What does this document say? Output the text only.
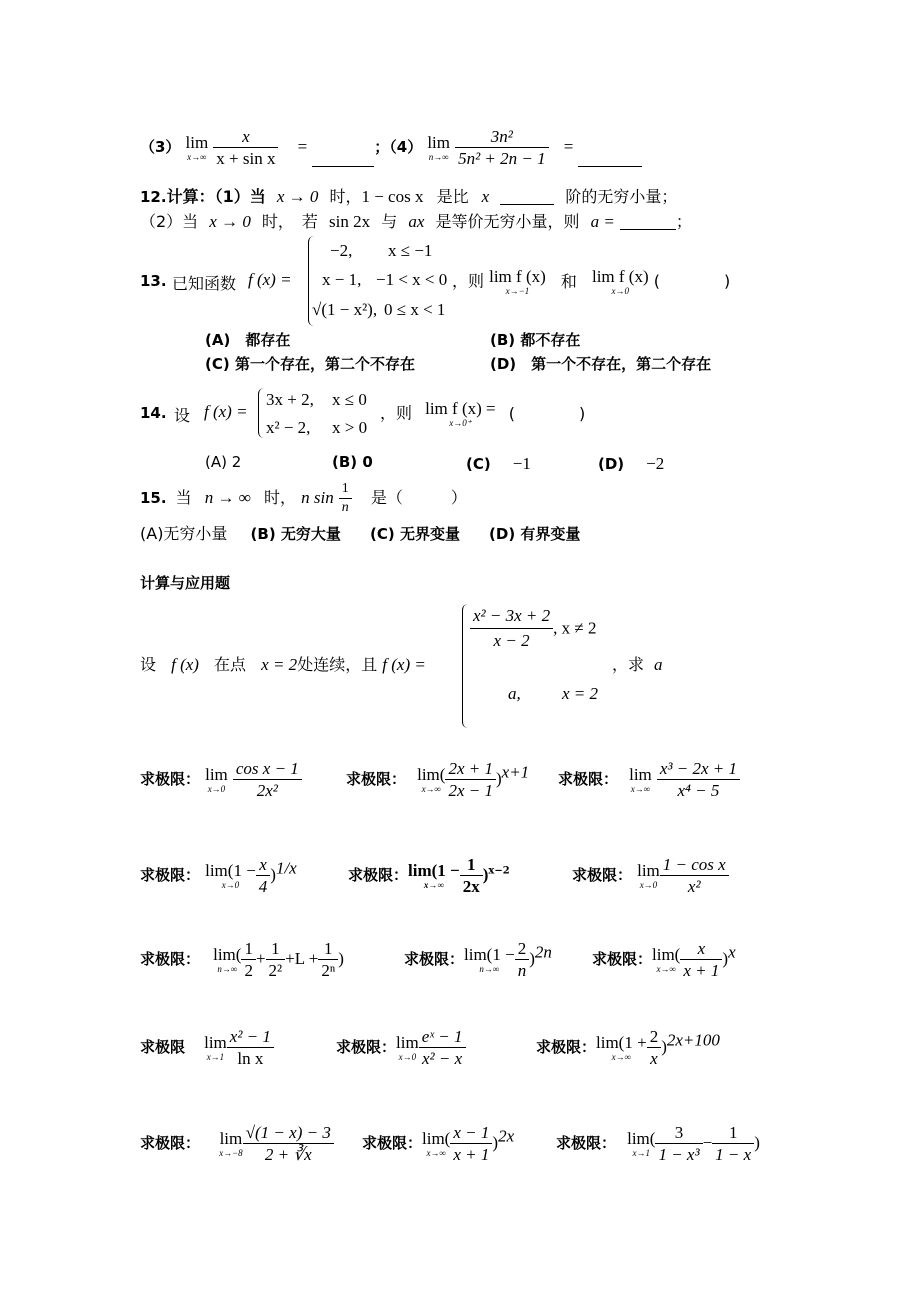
（3） lim
x→∞
$\frac{x}{\text{x + sin x}}$ =	；（4） lim
n→∞
$\frac{\text{3n²}}{\text{5n² + 2n − 1}}$ =
12.计算：（1）当 x → 0 时，1 − cos x 是比 x	阶的无穷小量；
（2）当 x → 0 时，　若 sin 2x 与 ax 是等价无穷小量，则 a =	；
13. 已知函数 f (x) =
−2, x ≤ −1
x − 1, −1 < x < 0
√(1 − x²), 0 ≤ x < 1
，则 lim f (x)
x→−1
和 lim f (x)
x→0
(　　　　)
(A)　都存在	(B) 都不存在
(C) 第一个存在，第二个不存在	(D)　第一个不存在，第二个存在
14. 设 f (x) =
3x + 2, x ≤ 0
x² − 2, x > 0
，则 lim f (x) =
x→0⁺
(　　　　)
(A) 2	(B) 0	(C) −1	(D) −2
15. 当 n → ∞ 时， n $\sin \frac{1}{n}$ 是（　　　）
(A)无穷小量 (B) 无穷大量 (C) 无界变量 (D) 有界变量
计算与应用题
设 f (x) 在点 x = 2处连续，且 f (x) =
$\frac{\text{x² − 3x + 2}}{x - 2}$ , x ≠ 2
a, x = 2
，求 a
求极限： lim
x→0
$\frac{\text{cos x − 1}}{\text{2x²}}$	求极限： lim(
$x\to\infty \frac{2x + 1}{2x - 1} )^{x+1}$ 求极限： lim
x→∞
$\frac{\text{x³ − 2x + 1}}{\text{x⁴ − 5}}$
求极限： lim(1 −
$x\to 0 \frac{x}{4} )^{1/x}$	求极限：lim(1 −
$x\to\infty \frac{1}{2x} )^{x-2}$	求极限： lim
$x\to 0 \frac{\text{1 − cos x}}{\text{x²}}$
求极限： lim(
$n\to\infty \frac{1}{2} + \frac{1}{\text{2²}} +L + \frac{1}{\text{2ⁿ}}$ )	求极限：lim(1 −
$n\to\infty \frac{2}{n} )^{2n}$	求极限：lim(
$x\to\infty \frac{x}{x + 1} )^x$
求极限 lim
$x\to 1 \frac{\text{x² − 1}}{\text{ln x}}$	求极限：lim
$x\to 0 \frac{\text{eˣ − 1}}{\text{x² − x}}$	求极限：lim(1 +
$x\to\infty \frac{2}{x} )^{2x+100}$
求极限： lim
$x\to-8 \frac{√(1 - x) - 3}{2 + ∛x}$ 求极限：lim(
$x\to\infty \frac{x - 1}{x + 1} )^{2x}$	求极限： lim(
$x\to 1 \frac{3}{\text{1 − x³}} - \frac{1}{1 - x}$ )
